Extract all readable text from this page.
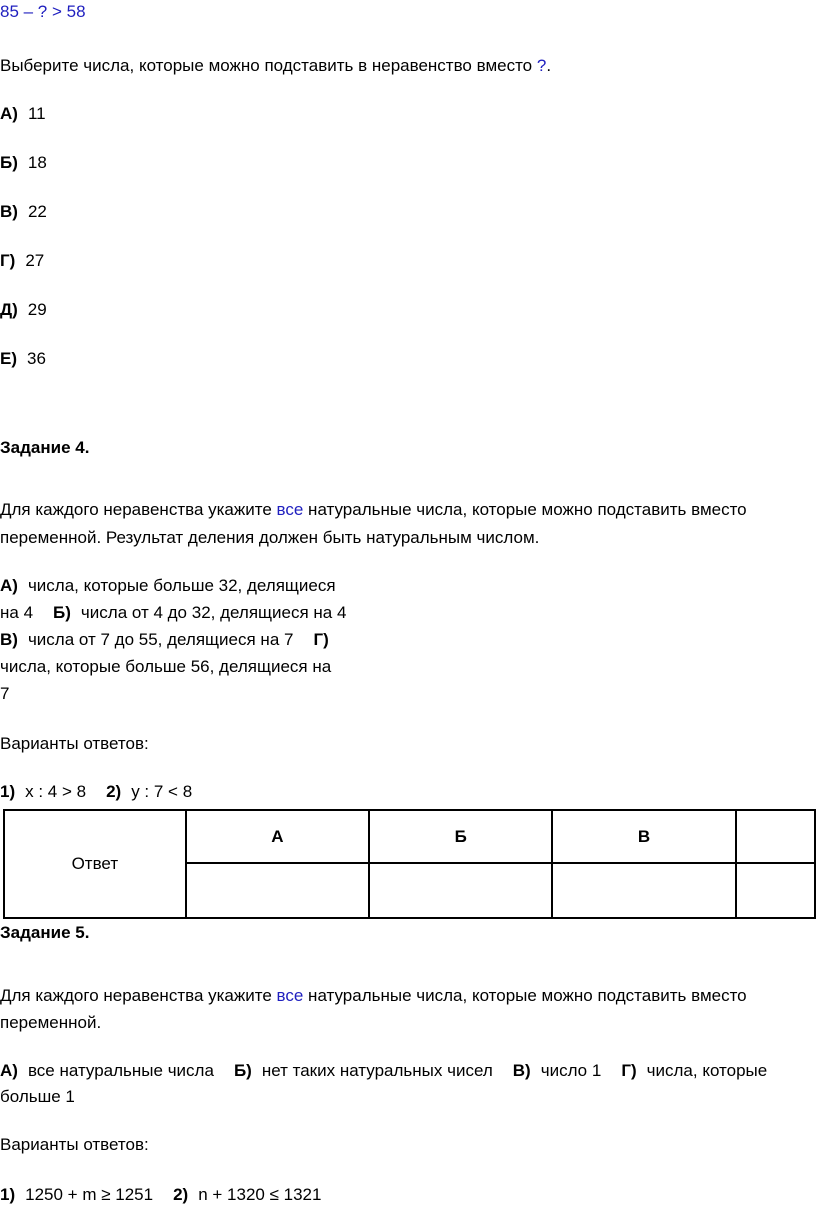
85 – ? > 58
Выберите числа, которые можно подставить в неравенство вместо ?.
А) 11
Б) 18
В) 22
Г) 27
Д) 29
Е) 36
Задание 4.
Для каждого неравенства укажите все натуральные числа, которые можно подставить вместо
переменной. Результат деления должен быть натуральным числом.
А) числа, которые больше 32, делящиеся
на 4 Б) числа от 4 до 32, делящиеся на 4
В) числа от 7 до 55, делящиеся на 7 Г)
числа, которые больше 56, делящиеся на
7
Варианты ответов:
1) x : 4 > 8 2) y : 7 < 8
Ответ	А	Б	В	

Задание 5.
Для каждого неравенства укажите все натуральные числа, которые можно подставить вместо
переменной.
А) все натуральные числа Б) нет таких натуральных чисел В) число 1 Г) числа, которые
больше 1
Варианты ответов:
1) 1250 + m ≥ 1251 2) n + 1320 ≤ 1321
